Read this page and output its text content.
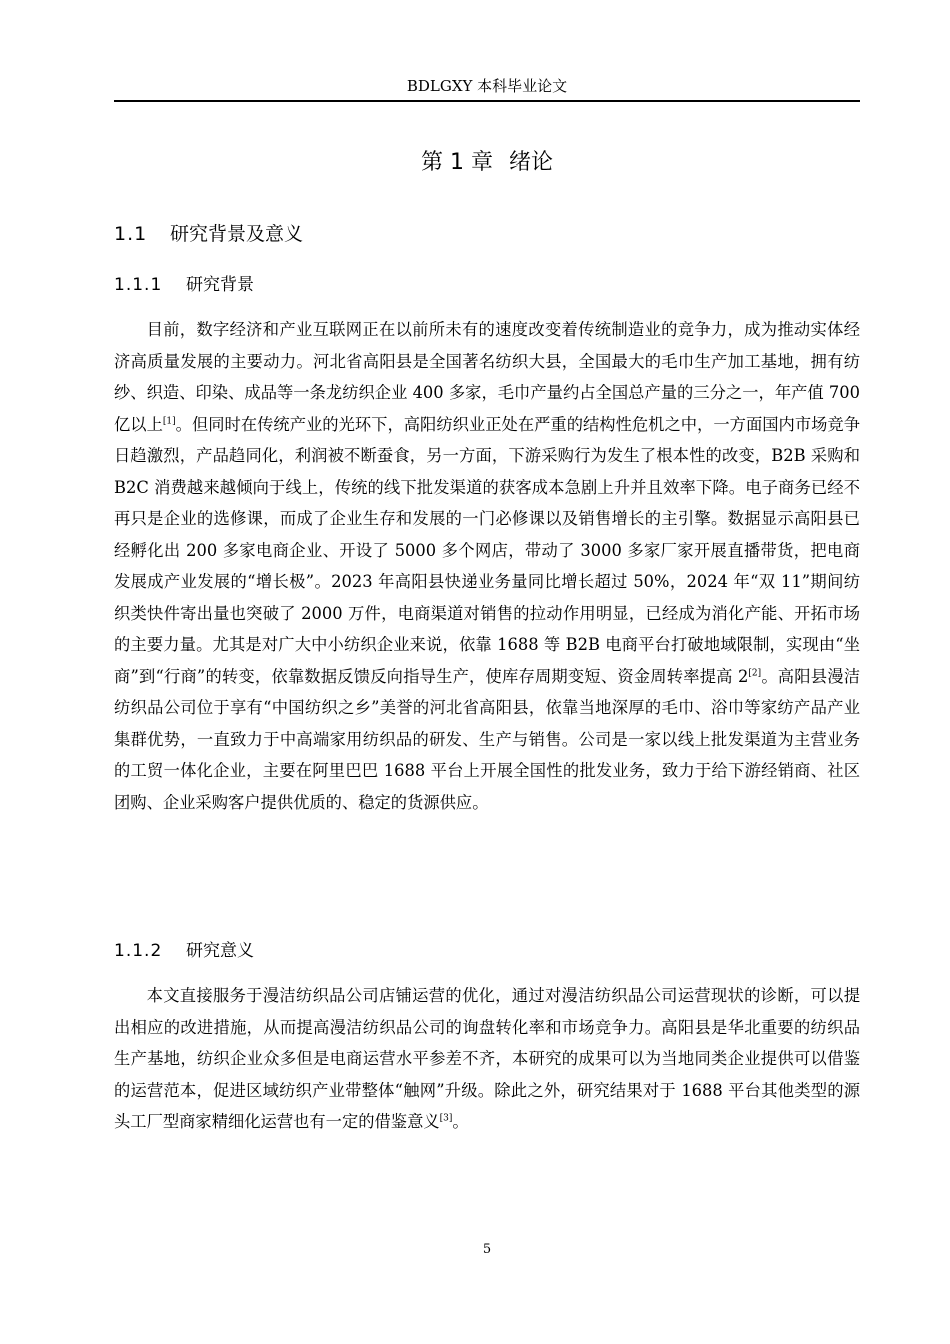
BDLGXY 本科毕业论文
第 1 章 绪论
1.1 研究背景及意义
1.1.1 研究背景

目前，数字经济和产业互联网正在以前所未有的速度改变着传统制造业的竞争力，成为推动实体经济高质量发展的主要动力。河北省高阳县是全国著名纺织大县，全国最大的毛巾生产加工基地，拥有纺纱、织造、印染、成品等一条龙纺织企业 400 多家，毛巾产量约占全国总产量的三分之一，年产值 700 亿以上[1]。但同时在传统产业的光环下，高阳纺织业正处在严重的结构性危机之中，一方面国内市场竞争日趋激烈，产品趋同化，利润被不断蚕食，另一方面，下游采购行为发生了根本性的改变，B2B 采购和 B2C 消费越来越倾向于线上，传统的线下批发渠道的获客成本急剧上升并且效率下降。电子商务已经不再只是企业的选修课，而成了企业生存和发展的一门必修课以及销售增长的主引擎。数据显示高阳县已经孵化出 200 多家电商企业、开设了 5000 多个网店，带动了 3000 多家厂家开展直播带货，把电商发展成产业发展的“增长极”。2023 年高阳县快递业务量同比增长超过 50%，2024 年“双 11”期间纺织类快件寄出量也突破了 2000 万件，电商渠道对销售的拉动作用明显，已经成为消化产能、开拓市场的主要力量。尤其是对广大中小纺织企业来说，依靠 1688 等 B2B 电商平台打破地域限制，实现由“坐商”到“行商”的转变，依靠数据反馈反向指导生产，使库存周期变短、资金周转率提高 2[2]。高阳县漫洁纺织品公司位于享有“中国纺织之乡”美誉的河北省高阳县，依靠当地深厚的毛巾、浴巾等家纺产品产业集群优势，一直致力于中高端家用纺织品的研发、生产与销售。公司是一家以线上批发渠道为主营业务的工贸一体化企业，主要在阿里巴巴 1688 平台上开展全国性的批发业务，致力于给下游经销商、社区团购、企业采购客户提供优质的、稳定的货源供应。

1.1.2 研究意义

本文直接服务于漫洁纺织品公司店铺运营的优化，通过对漫洁纺织品公司运营现状的诊断，可以提出相应的改进措施，从而提高漫洁纺织品公司的询盘转化率和市场竞争力。高阳县是华北重要的纺织品生产基地，纺织企业众多但是电商运营水平参差不齐，本研究的成果可以为当地同类企业提供可以借鉴的运营范本，促进区域纺织产业带整体“触网”升级。除此之外，研究结果对于 1688 平台其他类型的源头工厂型商家精细化运营也有一定的借鉴意义[3]。

5
